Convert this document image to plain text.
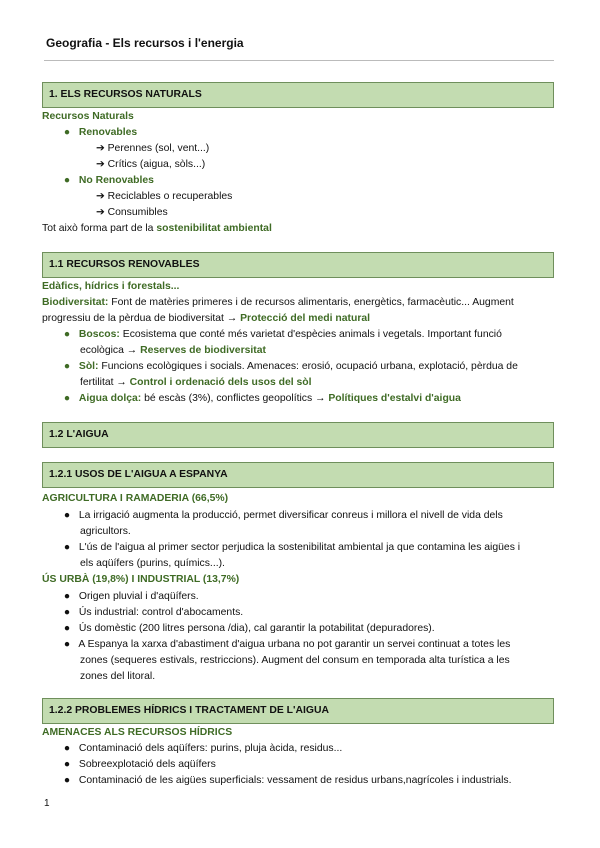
Geografia - Els recursos i l'energia
1. ELS RECURSOS NATURALS
Recursos Naturals
● Renovables
➔ Perennes (sol, vent...)
➔ Crítics (aigua, sòls...)
● No Renovables
➔ Reciclables o recuperables
➔ Consumibles
Tot això forma part de la sostenibilitat ambiental
1.1 RECURSOS RENOVABLES
Edàfics, hídrics i forestals...
Biodiversitat: Font de matèries primeres i de recursos alimentaris, energètics, farmacèutic... Augment
progressiu de la pèrdua de biodiversitat → Protecció del medi natural
● Boscos: Ecosistema que conté més varietat d'espècies animals i vegetals. Important funció
ecològica → Reserves de biodiversitat
● Sòl: Funcions ecològiques i socials. Amenaces: erosió, ocupació urbana, explotació, pèrdua de
fertilitat → Control i ordenació dels usos del sòl
● Aigua dolça: bé escàs (3%), conflictes geopolítics → Polítiques d'estalvi d'aigua
1.2 L'AIGUA
1.2.1 USOS DE L'AIGUA A ESPANYA
AGRICULTURA I RAMADERIA (66,5%)
● La irrigació augmenta la producció, permet diversificar conreus i millora el nivell de vida dels
agricultors.
● L'ús de l'aigua al primer sector perjudica la sostenibilitat ambiental ja que contamina les aigües i
els aqüífers (purins, químics...).
ÚS URBÀ (19,8%) I INDUSTRIAL (13,7%)
● Origen pluvial i d'aqüífers.
● Ús industrial: control d'abocaments.
● Ús domèstic (200 litres persona /dia), cal garantir la potabilitat (depuradores).
● A Espanya la xarxa d'abastiment d'aigua urbana no pot garantir un servei continuat a totes les
zones (sequeres estivals, restriccions). Augment del consum en temporada alta turística a les
zones del litoral.
1.2.2 PROBLEMES HÍDRICS I TRACTAMENT DE L'AIGUA
AMENACES ALS RECURSOS HÍDRICS
● Contaminació dels aqüífers: purins, pluja àcida, residus...
● Sobreexplotació dels aqüífers
● Contaminació de les aigües superficials: vessament de residus urbans,nagrícoles i industrials.
1
